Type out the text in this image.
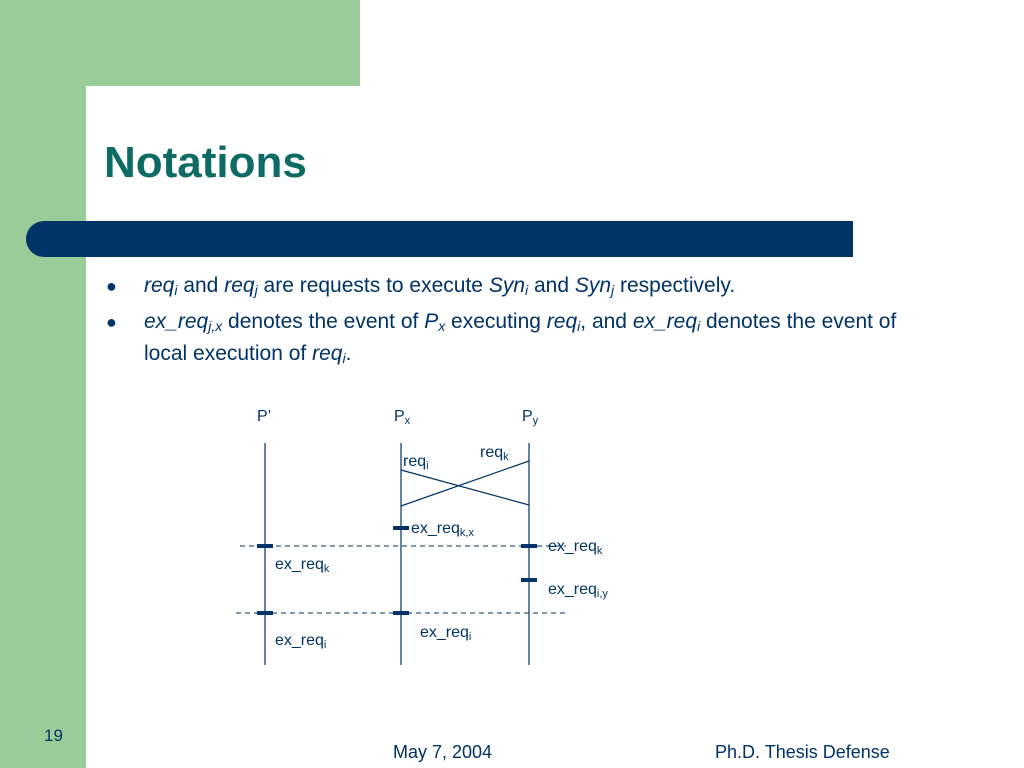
Notations
● req$_i$ and req$_j$ are requests to execute Syn$_i$ and Syn$_j$ respectively.
● ex_req$_{j,x}$ denotes the event of $P_x$ executing req$_i$, and ex_req$_i$ denotes the event of local execution of req$_i$.
P’	$P_x$	$P_y$
req$_i$
req$_k$
ex_req$_{k,x}$
ex_req$_k$
ex_req$_k$
ex_req$_{i,y}$
ex_req$_i$
ex_req$_i$
19
May 7, 2004	Ph.D. Thesis Defense
